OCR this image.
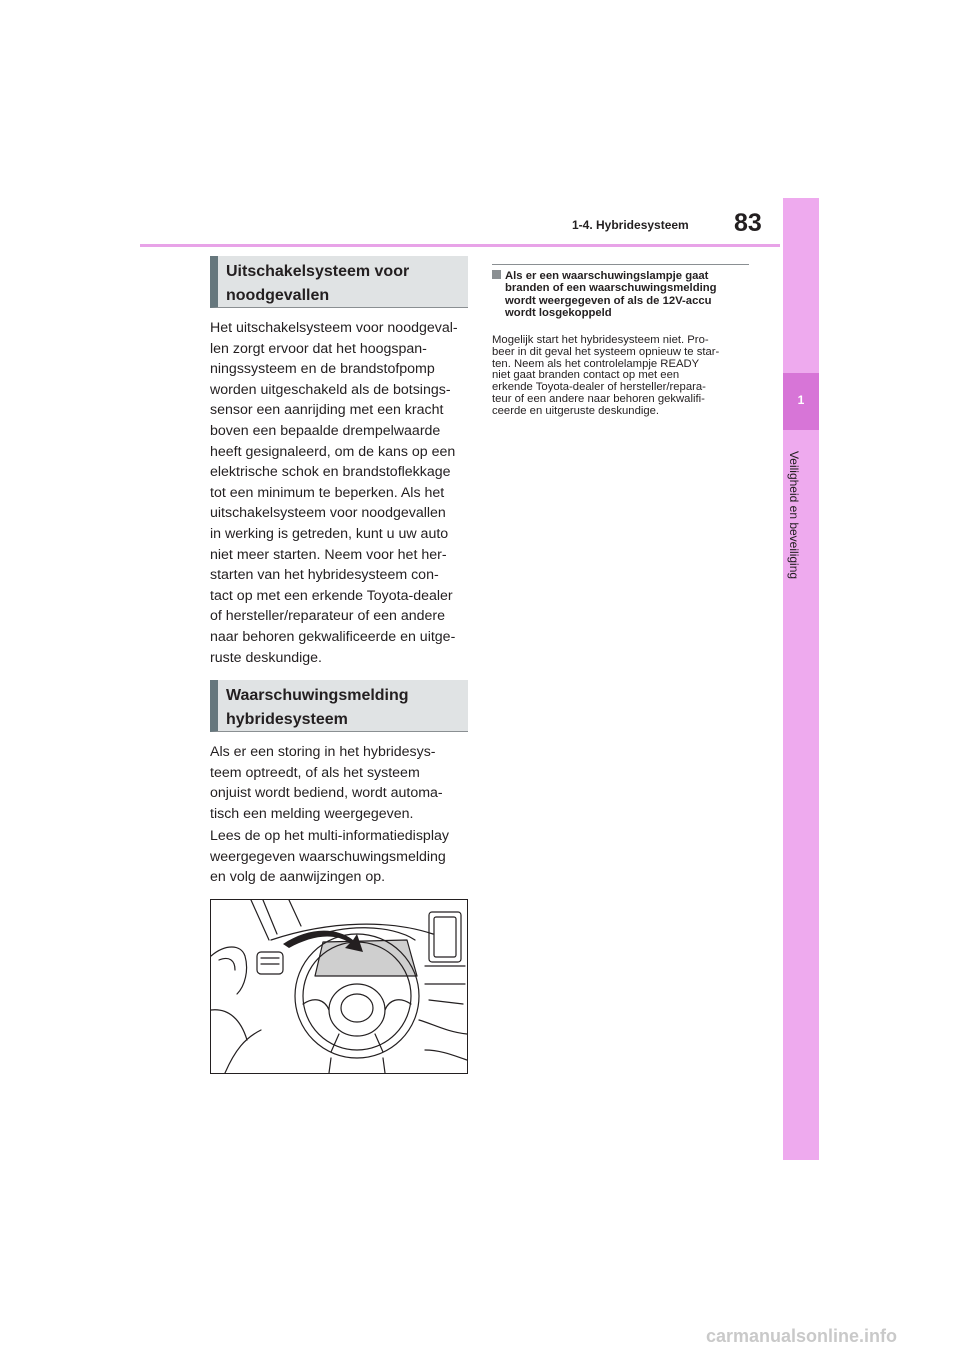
1-4. Hybridesysteem 83
1
Veiligheid en beveiliging
Uitschakelsysteem voor
noodgevallen

Het uitschakelsysteem voor noodgeval-

len zorgt ervoor dat het hoogspan-

ningssysteem en de brandstofpomp

worden uitgeschakeld als de botsings-

sensor een aanrijding met een kracht

boven een bepaalde drempelwaarde

heeft gesignaleerd, om de kans op een

elektrische schok en brandstoflekkage

tot een minimum te beperken. Als het

uitschakelsysteem voor noodgevallen

in werking is getreden, kunt u uw auto

niet meer starten. Neem voor het her-

starten van het hybridesysteem con-

tact op met een erkende Toyota-dealer

of hersteller/reparateur of een andere

naar behoren gekwalificeerde en uitge-

ruste deskundige.

Waarschuwingsmelding
hybridesysteem

Als er een storing in het hybridesys-

teem optreedt, of als het systeem

onjuist wordt bediend, wordt automa-

tisch een melding weergegeven.

Lees de op het multi-informatiedisplay

weergegeven waarschuwingsmelding

en volg de aanwijzingen op.

Als er een waarschuwingslampje gaat
branden of een waarschuwingsmelding
wordt weergegeven of als de 12V-accu
wordt losgekoppeld
Mogelijk start het hybridesysteem niet. Pro-
beer in dit geval het systeem opnieuw te star-
ten. Neem als het controlelampje READY
niet gaat branden contact op met een
erkende Toyota-dealer of hersteller/repara-
teur of een andere naar behoren gekwalifi-
ceerde en uitgeruste deskundige.
carmanualsonline.info
